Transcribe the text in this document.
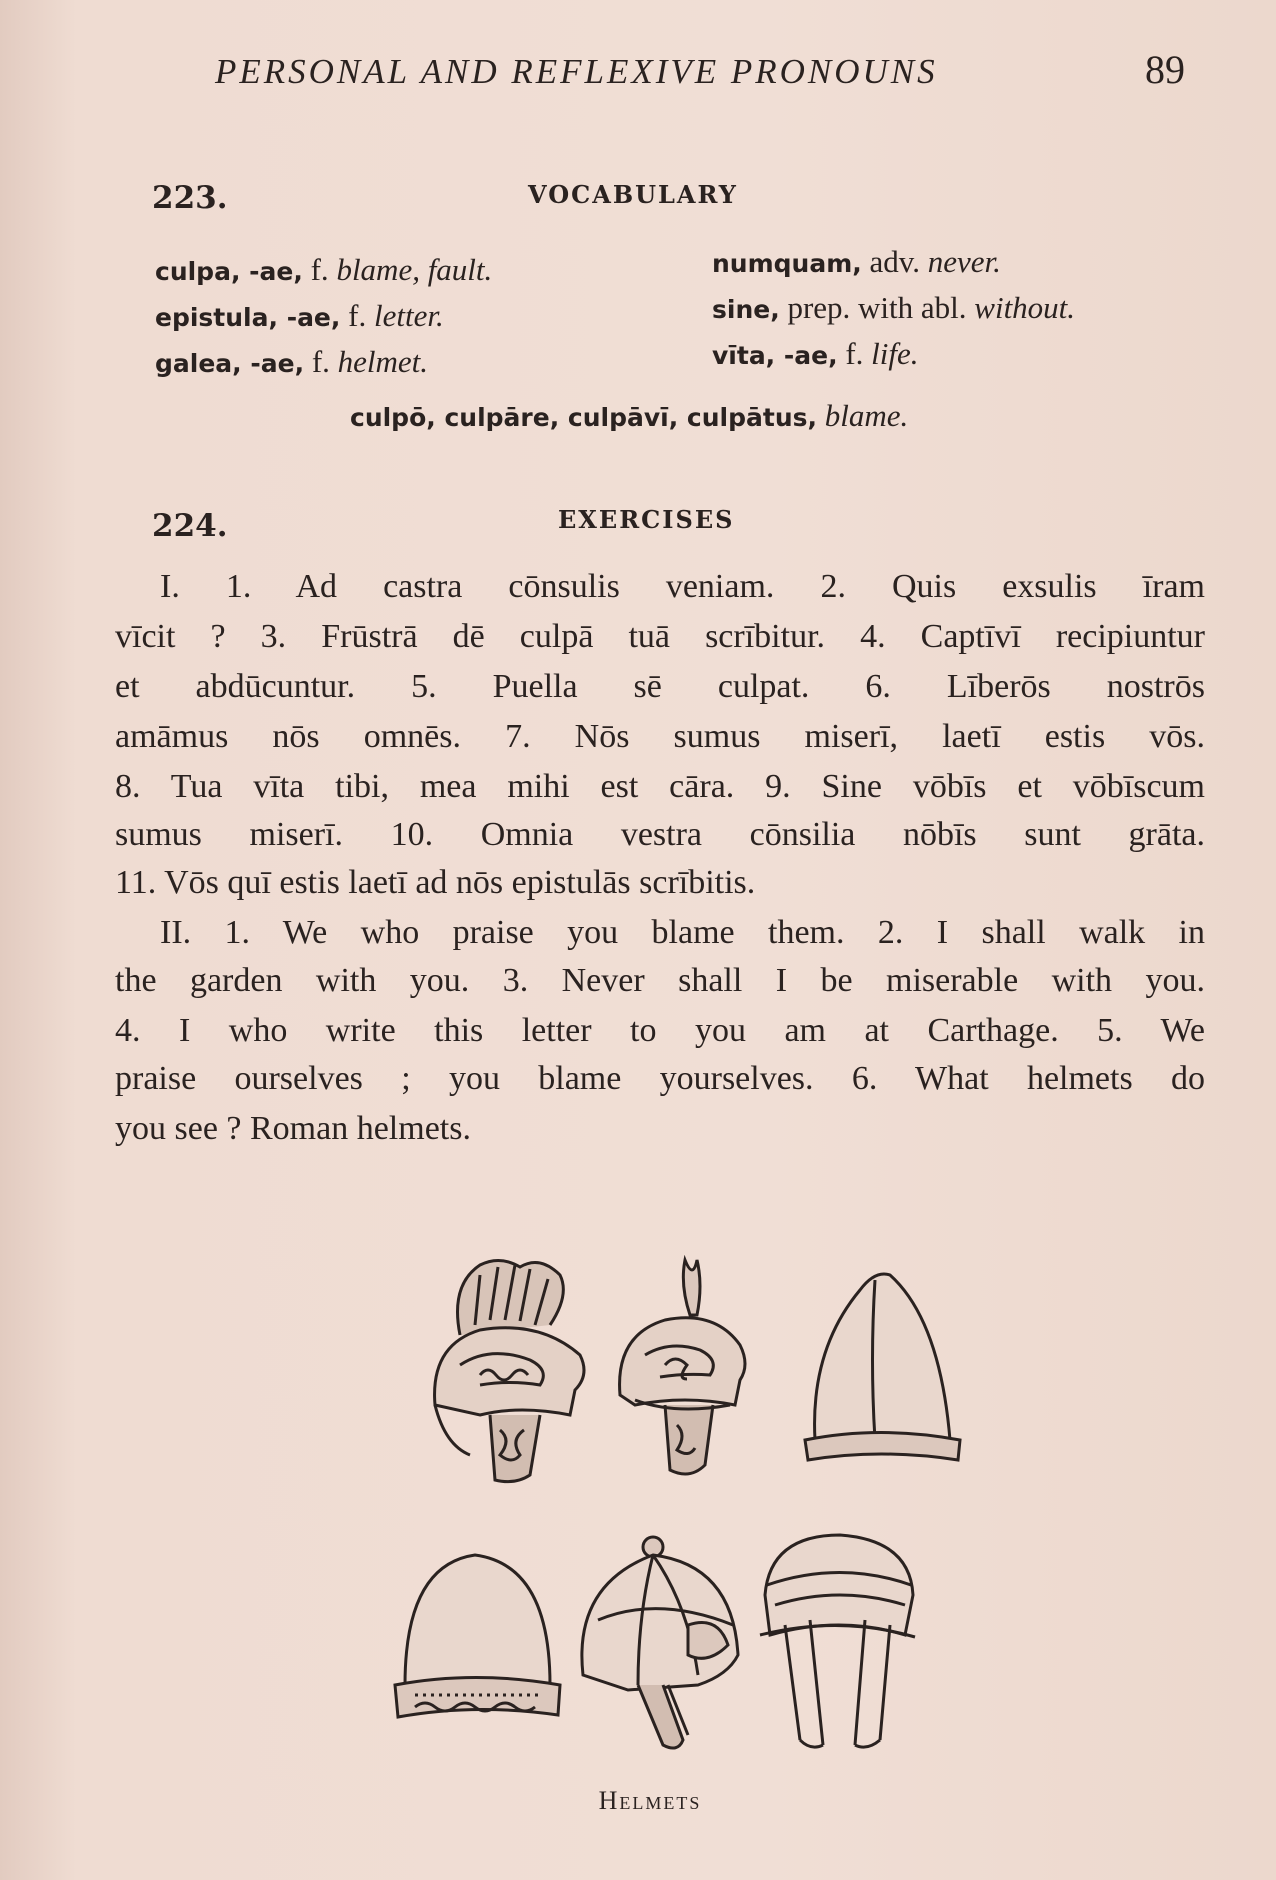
PERSONAL AND REFLEXIVE PRONOUNS	89
223.	VOCABULARY
culpa, -ae, f. blame, fault.
epistula, -ae, f. letter.
galea, -ae, f. helmet.
numquam, adv. never.
sine, prep. with abl. without.
vīta, -ae, f. life.
culpō, culpāre, culpāvī, culpātus, blame.
224.	EXERCISES
I. 1. Ad castra cōnsulis veniam. 2. Quis exsulis īram
vīcit ? 3. Frūstrā dē culpā tuā scrībitur. 4. Captīvī recipiuntur
et abdūcuntur. 5. Puella sē culpat. 6. Līberōs nostrōs
amāmus nōs omnēs. 7. Nōs sumus miserī, laetī estis vōs.
8. Tua vīta tibi, mea mihi est cāra. 9. Sine vōbīs et vōbīscum
sumus miserī. 10. Omnia vestra cōnsilia nōbīs sunt grāta.
11. Vōs quī estis laetī ad nōs epistulās scrībitis.
II. 1. We who praise you blame them. 2. I shall walk in
the garden with you. 3. Never shall I be miserable with you.
4. I who write this letter to you am at Carthage. 5. We
praise ourselves ; you blame yourselves. 6. What helmets do
you see ? Roman helmets.
Helmets
